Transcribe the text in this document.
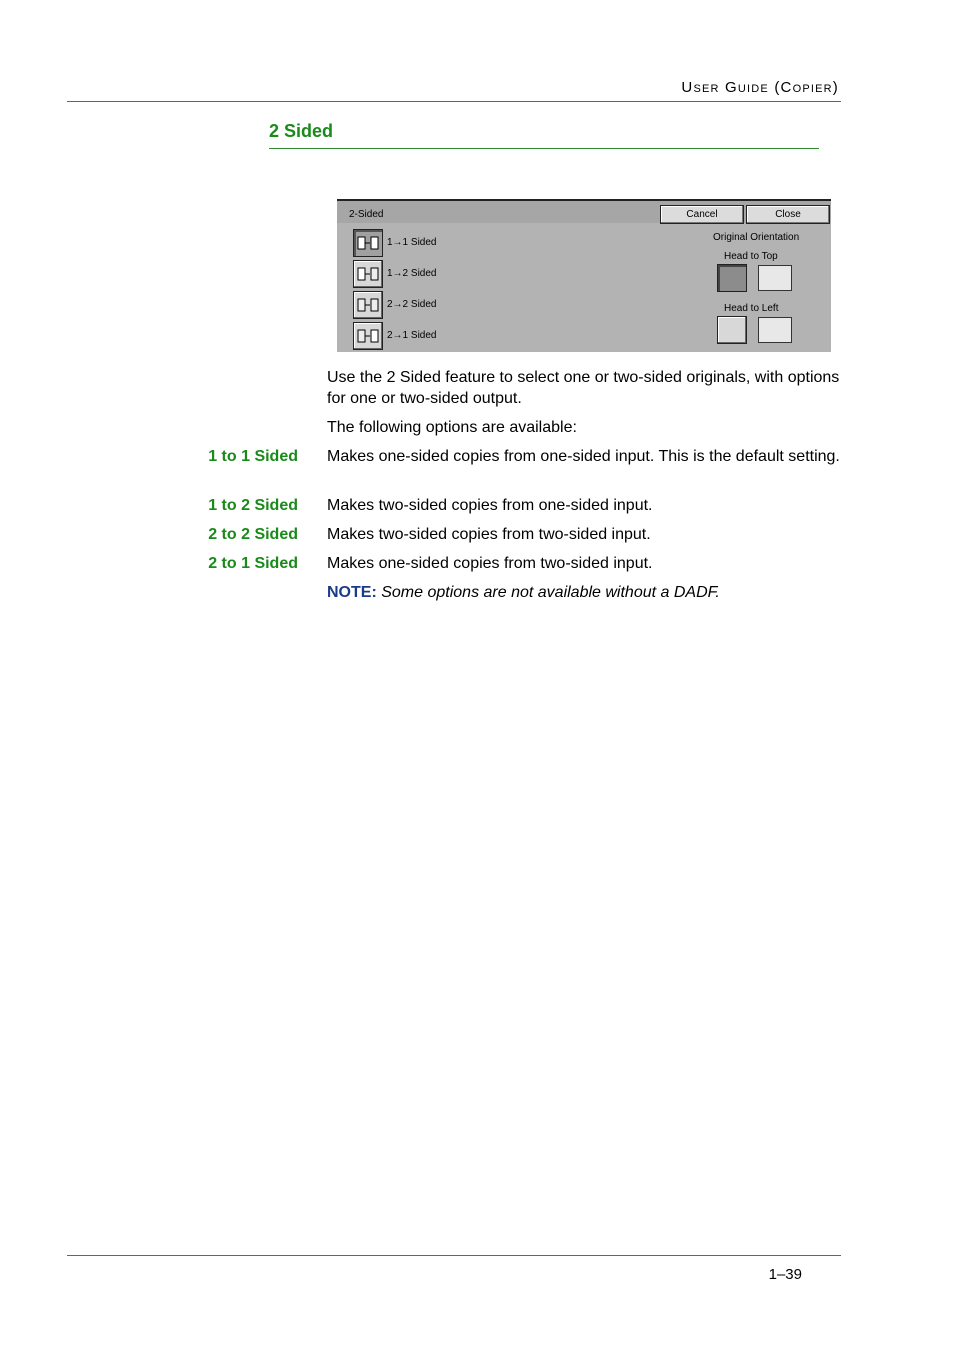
User Guide (Copier)
2 Sided
2-Sided	Cancel	Close
1→1 Sided
1→2 Sided
2→2 Sided
2→1 Sided
Original Orientation
Head to Top
Head to Left
Use the 2 Sided feature to select one or two-sided originals, with options for one or two-sided output.
The following options are available:
1 to 1 Sided Makes one-sided copies from one-sided input. This is the default setting.
1 to 2 Sided Makes two-sided copies from one-sided input.
2 to 2 Sided Makes two-sided copies from two-sided input.
2 to 1 Sided Makes one-sided copies from two-sided input.
NOTE: Some options are not available without a DADF.
1–39
